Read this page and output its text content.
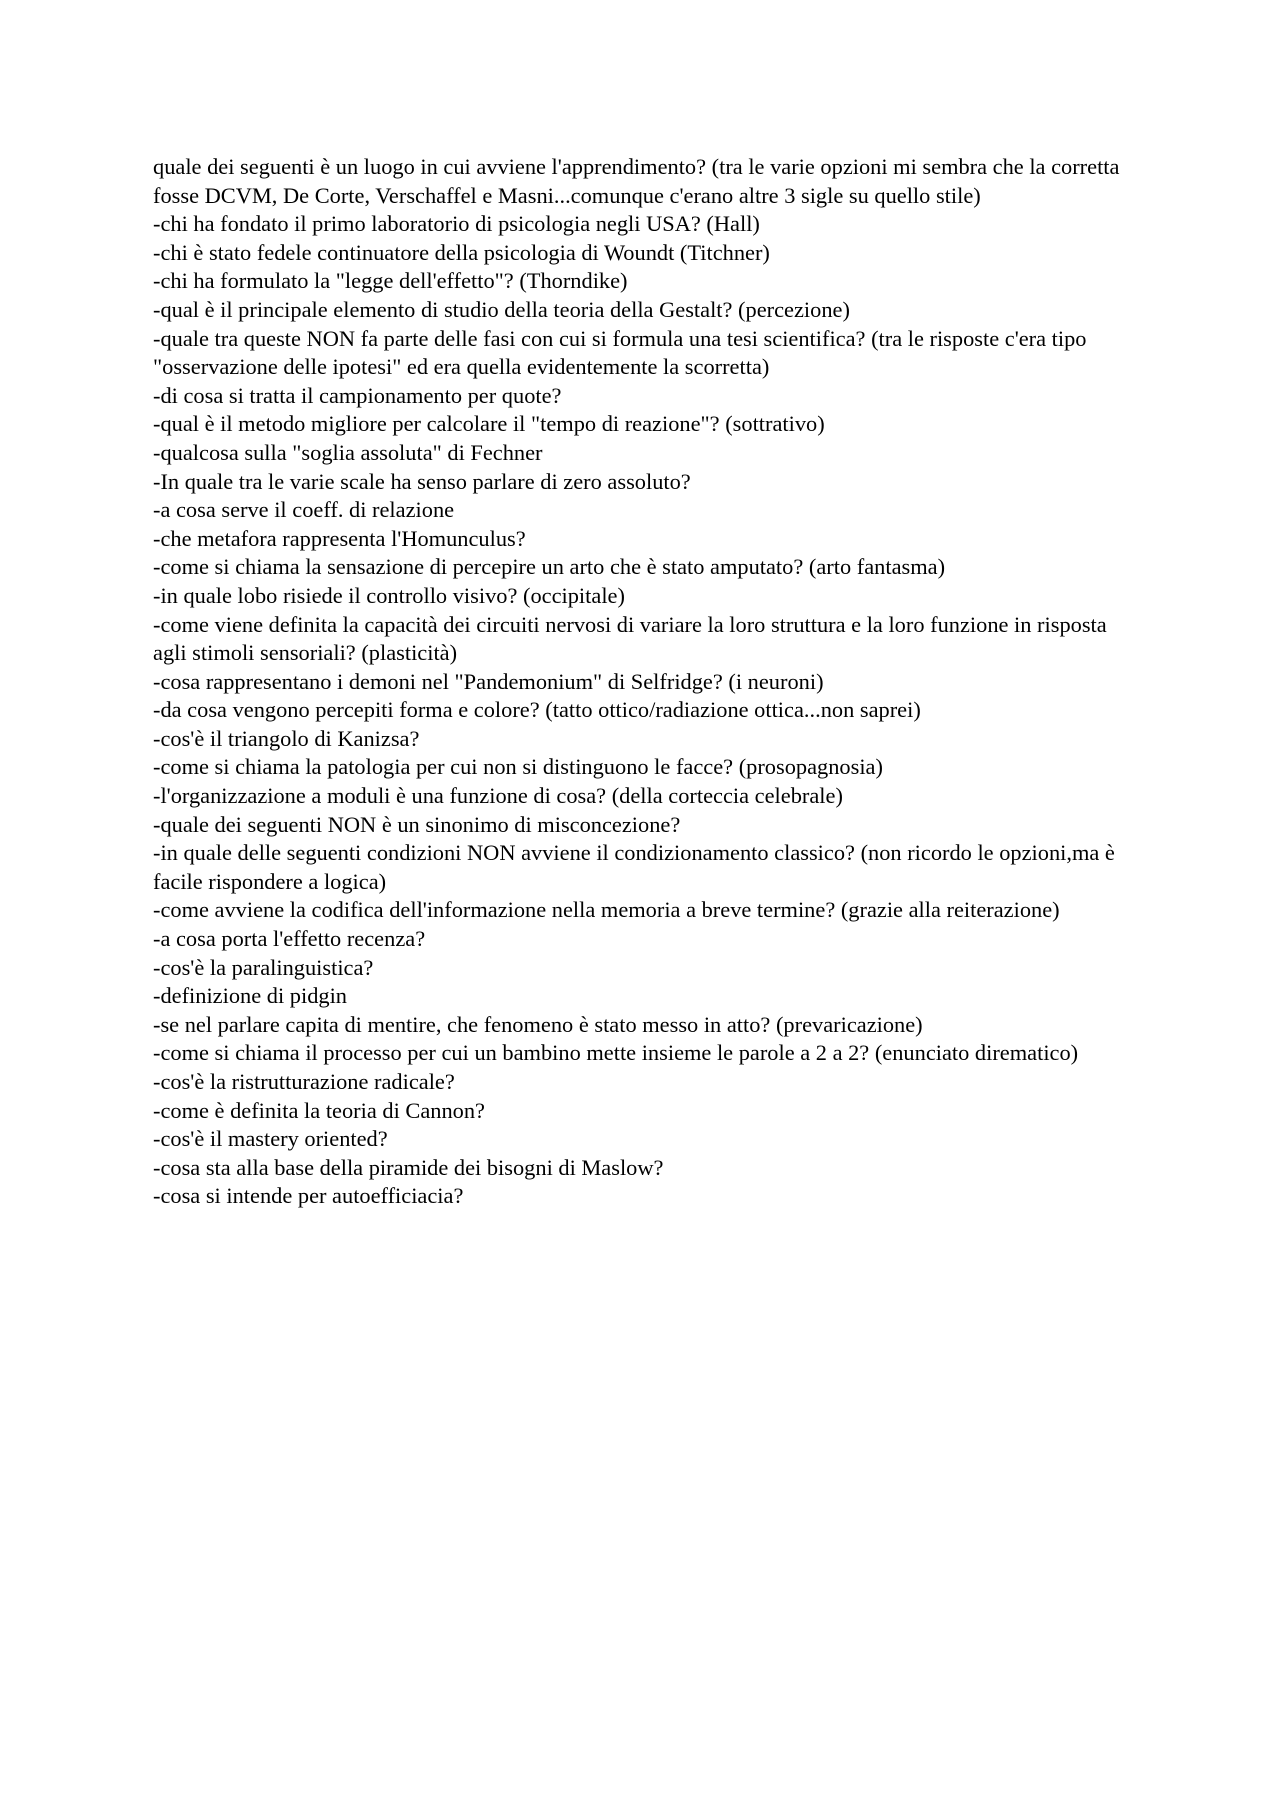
quale dei seguenti è un luogo in cui avviene l'apprendimento? (tra le varie opzioni mi sembra che la corretta fosse DCVM, De Corte, Verschaffel e Masni...comunque c'erano altre 3 sigle su quello stile)

-chi ha fondato il primo laboratorio di psicologia negli USA? (Hall)

-chi è stato fedele continuatore della psicologia di Woundt (Titchner)

-chi ha formulato la "legge dell'effetto"? (Thorndike)

-qual è il principale elemento di studio della teoria della Gestalt? (percezione)

-quale tra queste NON fa parte delle fasi con cui si formula una tesi scientifica? (tra le risposte c'era tipo "osservazione delle ipotesi" ed era quella evidentemente la scorretta)

-di cosa si tratta il campionamento per quote?

-qual è il metodo migliore per calcolare il "tempo di reazione"? (sottrativo)

-qualcosa sulla "soglia assoluta" di Fechner

-In quale tra le varie scale ha senso parlare di zero assoluto?

-a cosa serve il coeff. di relazione

-che metafora rappresenta l'Homunculus?

-come si chiama la sensazione di percepire un arto che è stato amputato? (arto fantasma)

-in quale lobo risiede il controllo visivo? (occipitale)

-come viene definita la capacità dei circuiti nervosi di variare la loro struttura e la loro funzione in risposta agli stimoli sensoriali? (plasticità)

-cosa rappresentano i demoni nel "Pandemonium" di Selfridge? (i neuroni)

-da cosa vengono percepiti forma e colore? (tatto ottico/radiazione ottica...non saprei)

-cos'è il triangolo di Kanizsa?

-come si chiama la patologia per cui non si distinguono le facce? (prosopagnosia)

-l'organizzazione a moduli è una funzione di cosa? (della corteccia celebrale)

-quale dei seguenti NON è un sinonimo di misconcezione?

-in quale delle seguenti condizioni NON avviene il condizionamento classico? (non ricordo le opzioni,ma è facile rispondere a logica)

-come avviene la codifica dell'informazione nella memoria a breve termine? (grazie alla reiterazione)

-a cosa porta l'effetto recenza?

-cos'è la paralinguistica?

-definizione di pidgin

-se nel parlare capita di mentire, che fenomeno è stato messo in atto? (prevaricazione)

-come si chiama il processo per cui un bambino mette insieme le parole a 2 a 2? (enunciato dirematico)

-cos'è la ristrutturazione radicale?

-come è definita la teoria di Cannon?

-cos'è il mastery oriented?

-cosa sta alla base della piramide dei bisogni di Maslow?

-cosa si intende per autoefficiacia?
